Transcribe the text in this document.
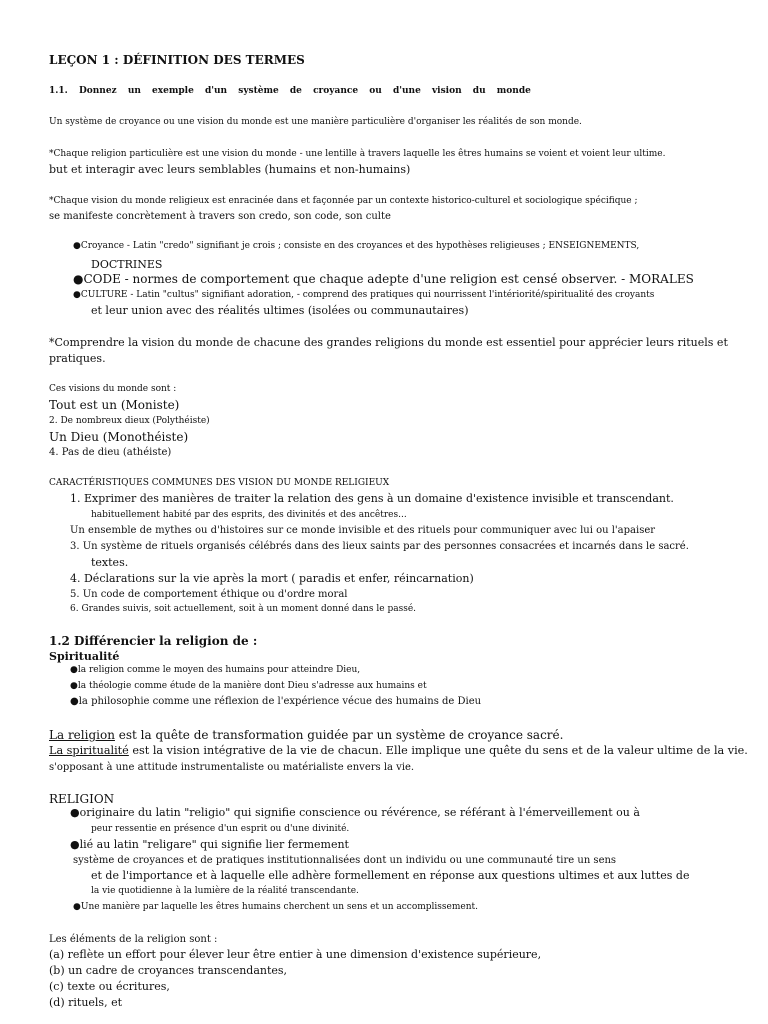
LEÇON 1 : DÉFINITION DES TERMES
1.1. Donnez un exemple d'un système de croyance ou d'une vision du monde
Un système de croyance ou une vision du monde est une manière particulière d'organiser les réalités de son monde.
*Chaque religion particulière est une vision du monde - une lentille à travers laquelle les êtres humains se voient et voient leur ultime.
but et interagir avec leurs semblables (humains et non-humains)
*Chaque vision du monde religieux est enracinée dans et façonnée par un contexte historico-culturel et sociologique spécifique ;
se manifeste concrètement à travers son credo, son code, son culte
●Croyance - Latin "credo" signifiant je crois ; consiste en des croyances et des hypothèses religieuses ; ENSEIGNEMENTS,
DOCTRINES
●CODE - normes de comportement que chaque adepte d'une religion est censé observer. - MORALES
●CULTURE - Latin "cultus" signifiant adoration, - comprend des pratiques qui nourrissent l'intériorité/spiritualité des croyants
et leur union avec des réalités ultimes (isolées ou communautaires)
*Comprendre la vision du monde de chacune des grandes religions du monde est essentiel pour apprécier leurs rituels et
pratiques.
Ces visions du monde sont :
Tout est un (Moniste)
2. De nombreux dieux (Polythéiste)
Un Dieu (Monothéiste)
4. Pas de dieu (athéiste)
CARACTÉRISTIQUES COMMUNES DES VISION DU MONDE RELIGIEUX
1. Exprimer des manières de traiter la relation des gens à un domaine d'existence invisible et transcendant.
habituellement habité par des esprits, des divinités et des ancêtres...
Un ensemble de mythes ou d'histoires sur ce monde invisible et des rituels pour communiquer avec lui ou l'apaiser
3. Un système de rituels organisés célébrés dans des lieux saints par des personnes consacrées et incarnés dans le sacré.
textes.
4. Déclarations sur la vie après la mort ( paradis et enfer, réincarnation)
5. Un code de comportement éthique ou d'ordre moral
6. Grandes suivis, soit actuellement, soit à un moment donné dans le passé.
1.2 Différencier la religion de :
Spiritualité
●la religion comme le moyen des humains pour atteindre Dieu,
●la théologie comme étude de la manière dont Dieu s'adresse aux humains et
●la philosophie comme une réflexion de l'expérience vécue des humains de Dieu
La religion est la quête de transformation guidée par un système de croyance sacré.
La spiritualité est la vision intégrative de la vie de chacun. Elle implique une quête du sens et de la valeur ultime de la vie.
s'opposant à une attitude instrumentaliste ou matérialiste envers la vie.
RELIGION
●originaire du latin "religio" qui signifie conscience ou révérence, se référant à l'émerveillement ou à
peur ressentie en présence d'un esprit ou d'une divinité.
●lié au latin "religare" qui signifie lier fermement
système de croyances et de pratiques institutionnalisées dont un individu ou une communauté tire un sens
et de l'importance et à laquelle elle adhère formellement en réponse aux questions ultimes et aux luttes de
la vie quotidienne à la lumière de la réalité transcendante.
●Une manière par laquelle les êtres humains cherchent un sens et un accomplissement.
Les éléments de la religion sont :
(a) reflète un effort pour élever leur être entier à une dimension d'existence supérieure,
(b) un cadre de croyances transcendantes,
(c) texte ou écritures,
(d) rituels, et
